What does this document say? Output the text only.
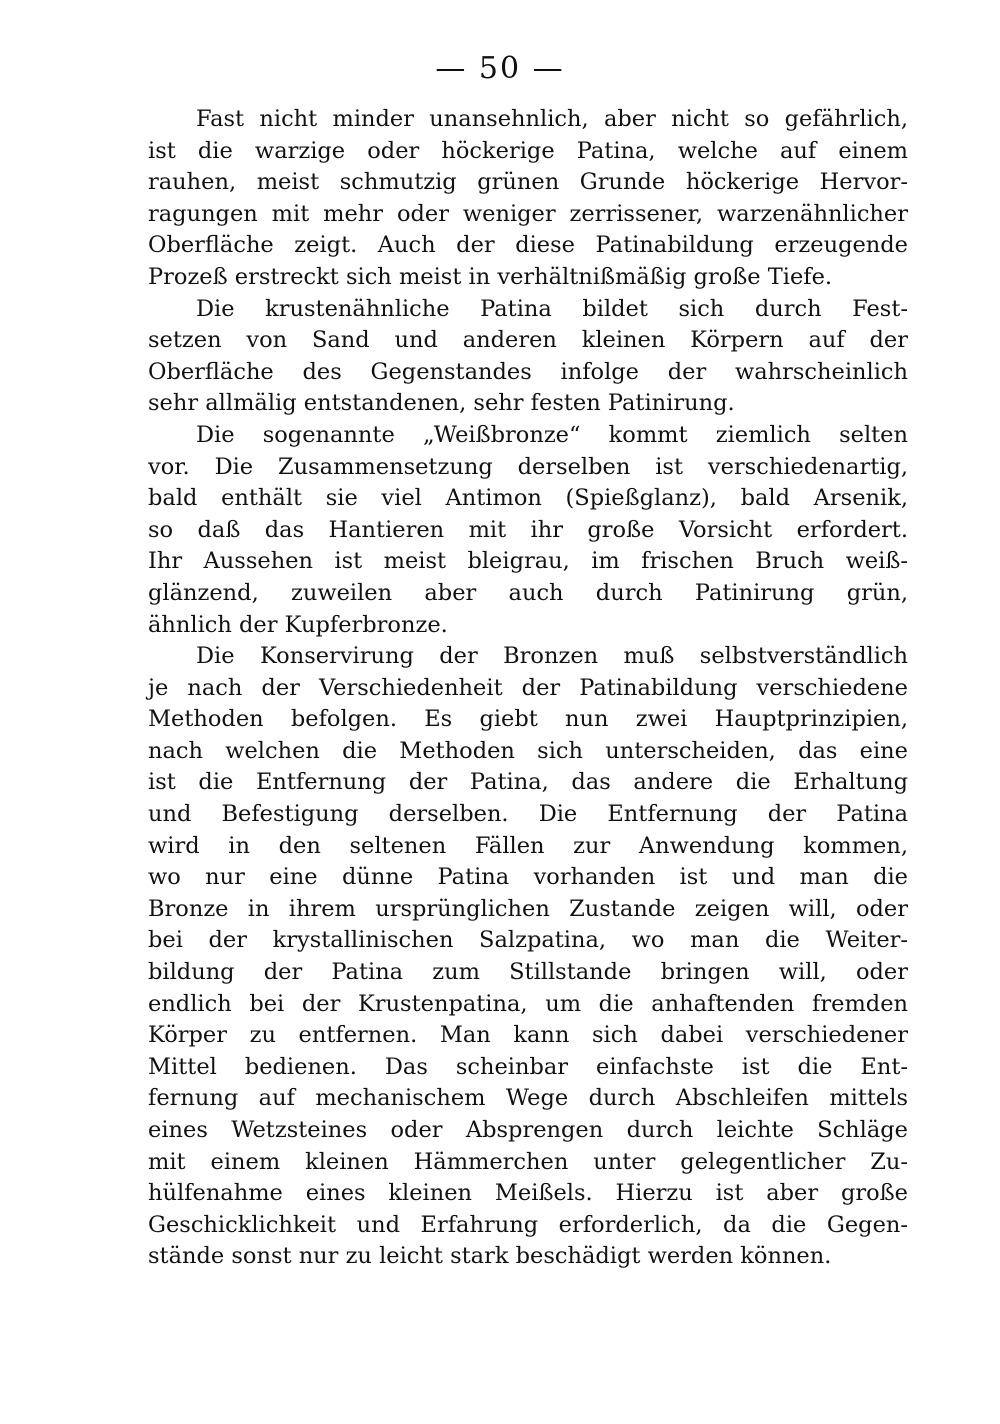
— 50 —
Fast nicht minder unansehnlich, aber nicht so gefährlich,
ist die warzige oder höckerige Patina, welche auf einem
rauhen, meist schmutzig grünen Grunde höckerige Hervor-
ragungen mit mehr oder weniger zerrissener, warzenähnlicher
Oberfläche zeigt. Auch der diese Patinabildung erzeugende
Prozeß erstreckt sich meist in verhältnißmäßig große Tiefe.
Die krustenähnliche Patina bildet sich durch Fest-
setzen von Sand und anderen kleinen Körpern auf der
Oberfläche des Gegenstandes infolge der wahrscheinlich
sehr allmälig entstandenen, sehr festen Patinirung.
Die sogenannte „Weißbronze“ kommt ziemlich selten
vor. Die Zusammensetzung derselben ist verschiedenartig,
bald enthält sie viel Antimon (Spießglanz), bald Arsenik,
so daß das Hantieren mit ihr große Vorsicht erfordert.
Ihr Aussehen ist meist bleigrau, im frischen Bruch weiß-
glänzend, zuweilen aber auch durch Patinirung grün,
ähnlich der Kupferbronze.
Die Konservirung der Bronzen muß selbstverständlich
je nach der Verschiedenheit der Patinabildung verschiedene
Methoden befolgen. Es giebt nun zwei Hauptprinzipien,
nach welchen die Methoden sich unterscheiden, das eine
ist die Entfernung der Patina, das andere die Erhaltung
und Befestigung derselben. Die Entfernung der Patina
wird in den seltenen Fällen zur Anwendung kommen,
wo nur eine dünne Patina vorhanden ist und man die
Bronze in ihrem ursprünglichen Zustande zeigen will, oder
bei der krystallinischen Salzpatina, wo man die Weiter-
bildung der Patina zum Stillstande bringen will, oder
endlich bei der Krustenpatina, um die anhaftenden fremden
Körper zu entfernen. Man kann sich dabei verschiedener
Mittel bedienen. Das scheinbar einfachste ist die Ent-
fernung auf mechanischem Wege durch Abschleifen mittels
eines Wetzsteines oder Absprengen durch leichte Schläge
mit einem kleinen Hämmerchen unter gelegentlicher Zu-
hülfenahme eines kleinen Meißels. Hierzu ist aber große
Geschicklichkeit und Erfahrung erforderlich, da die Gegen-
stände sonst nur zu leicht stark beschädigt werden können.
